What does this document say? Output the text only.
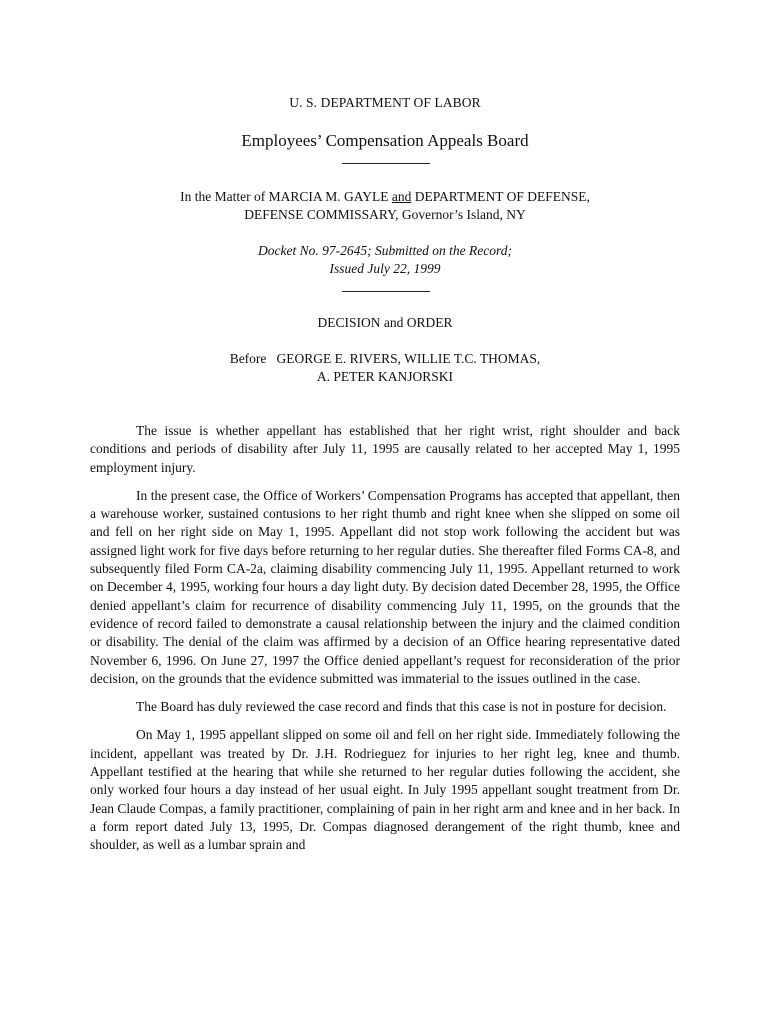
U. S. DEPARTMENT OF LABOR

Employees’ Compensation Appeals Board

In the Matter of MARCIA M. GAYLE and DEPARTMENT OF DEFENSE,
DEFENSE COMMISSARY, Governor’s Island, NY
Docket No. 97-2645; Submitted on the Record;
Issued July 22, 1999

DECISION and ORDER

Before   GEORGE E. RIVERS, WILLIE T.C. THOMAS,
A. PETER KANJORSKI

The issue is whether appellant has established that her right wrist, right shoulder and back conditions and periods of disability after July 11, 1995 are causally related to her accepted May 1, 1995 employment injury.

In the present case, the Office of Workers’ Compensation Programs has accepted that appellant, then a warehouse worker, sustained contusions to her right thumb and right knee when she slipped on some oil and fell on her right side on May 1, 1995. Appellant did not stop work following the accident but was assigned light work for five days before returning to her regular duties. She thereafter filed Forms CA-8, and subsequently filed Form CA-2a, claiming disability commencing July 11, 1995. Appellant returned to work on December 4, 1995, working four hours a day light duty. By decision dated December 28, 1995, the Office denied appellant’s claim for recurrence of disability commencing July 11, 1995, on the grounds that the evidence of record failed to demonstrate a causal relationship between the injury and the claimed condition or disability. The denial of the claim was affirmed by a decision of an Office hearing representative dated November 6, 1996. On June 27, 1997 the Office denied appellant’s request for reconsideration of the prior decision, on the grounds that the evidence submitted was immaterial to the issues outlined in the case.

The Board has duly reviewed the case record and finds that this case is not in posture for decision.

On May 1, 1995 appellant slipped on some oil and fell on her right side. Immediately following the incident, appellant was treated by Dr. J.H. Rodrieguez for injuries to her right leg, knee and thumb. Appellant testified at the hearing that while she returned to her regular duties following the accident, she only worked four hours a day instead of her usual eight. In July 1995 appellant sought treatment from Dr. Jean Claude Compas, a family practitioner, complaining of pain in her right arm and knee and in her back. In a form report dated July 13, 1995, Dr. Compas diagnosed derangement of the right thumb, knee and shoulder, as well as a lumbar sprain and
